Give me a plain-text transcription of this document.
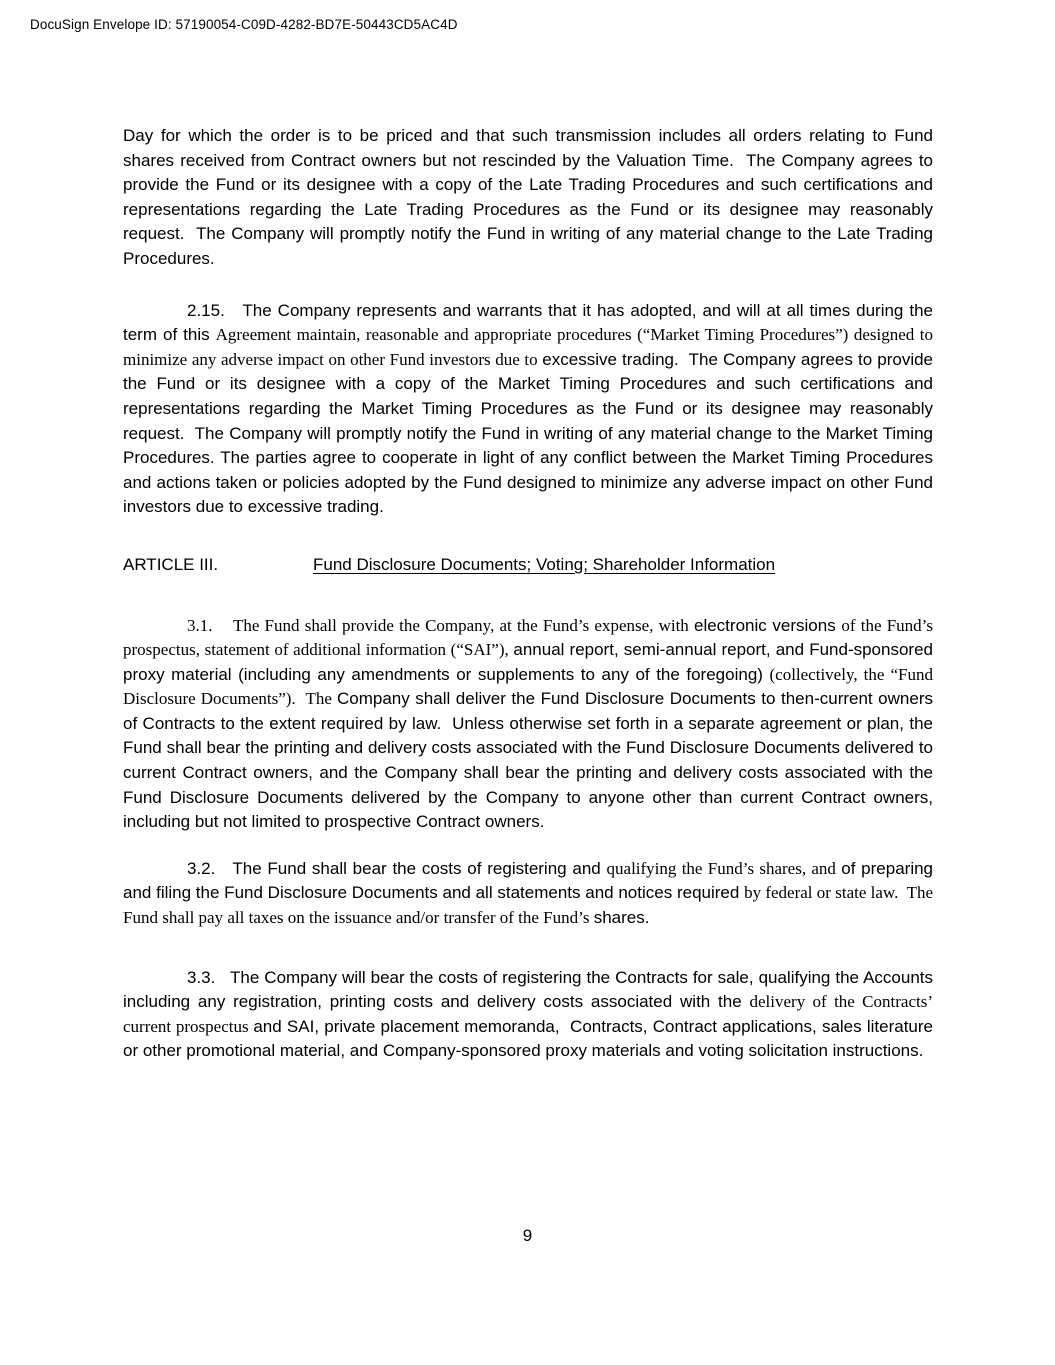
DocuSign Envelope ID: 57190054-C09D-4282-BD7E-50443CD5AC4D

Day for which the order is to be priced and that such transmission includes all orders relating to Fund shares received from Contract owners but not rescinded by the Valuation Time.  The Company agrees to provide the Fund or its designee with a copy of the Late Trading Procedures and such certifications and representations regarding the Late Trading Procedures as the Fund or its designee may reasonably request.  The Company will promptly notify the Fund in writing of any material change to the Late Trading Procedures.

2.15.   The Company represents and warrants that it has adopted, and will at all times during the term of this Agreement maintain, reasonable and appropriate procedures (“Market Timing Procedures”) designed to minimize any adverse impact on other Fund investors due to excessive trading.  The Company agrees to provide the Fund or its designee with a copy of the Market Timing Procedures and such certifications and representations regarding the Market Timing Procedures as the Fund or its designee may reasonably request.  The Company will promptly notify the Fund in writing of any material change to the Market Timing Procedures. The parties agree to cooperate in light of any conflict between the Market Timing Procedures and actions taken or policies adopted by the Fund designed to minimize any adverse impact on other Fund investors due to excessive trading.

ARTICLE III.	Fund Disclosure Documents; Voting; Shareholder Information

3.1.    The Fund shall provide the Company, at the Fund’s expense, with electronic versions of the Fund’s prospectus, statement of additional information (“SAI”), annual report, semi-annual report, and Fund-sponsored proxy material (including any amendments or supplements to any of the foregoing) (collectively, the “Fund Disclosure Documents”).  The Company shall deliver the Fund Disclosure Documents to then-current owners of Contracts to the extent required by law.  Unless otherwise set forth in a separate agreement or plan, the Fund shall bear the printing and delivery costs associated with the Fund Disclosure Documents delivered to current Contract owners, and the Company shall bear the printing and delivery costs associated with the Fund Disclosure Documents delivered by the Company to anyone other than current Contract owners, including but not limited to prospective Contract owners.

3.2.   The Fund shall bear the costs of registering and qualifying the Fund’s shares, and of preparing and filing the Fund Disclosure Documents and all statements and notices required by federal or state law.  The Fund shall pay all taxes on the issuance and/or transfer of the Fund’s shares.

3.3.   The Company will bear the costs of registering the Contracts for sale, qualifying the Accounts including any registration, printing costs and delivery costs associated with the delivery of the Contracts’ current prospectus and SAI, private placement memoranda,  Contracts, Contract applications, sales literature or other promotional material, and Company-sponsored proxy materials and voting solicitation instructions.

9
